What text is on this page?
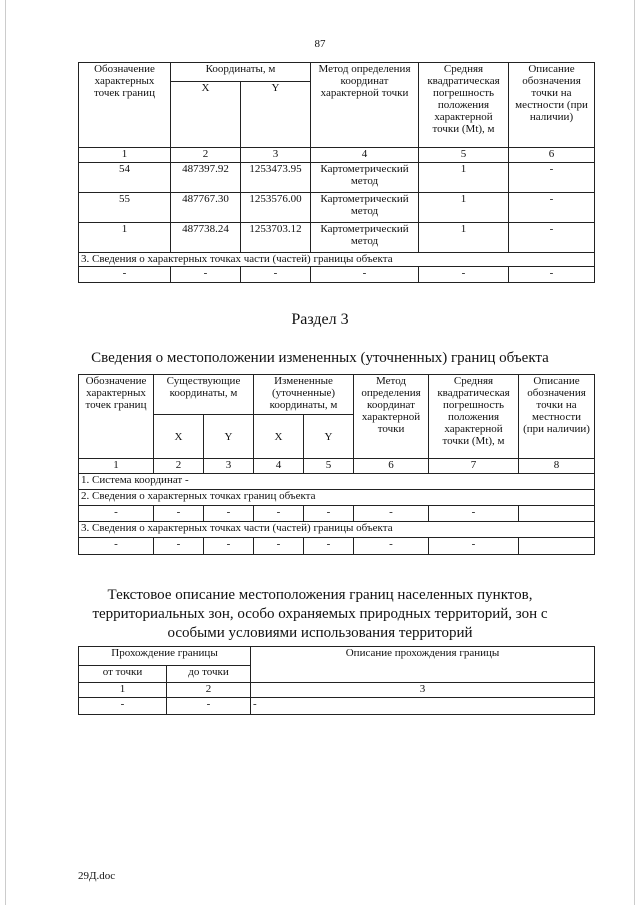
87
Обозначение характерных точек границ	Координаты, м		Метод определения координат характерной точки	Средняя квадратическая погрешность положения характерной точки (Mt), м	Описание обозначения точки на местности (при наличии)
	X	Y			
1	2	3	4	5	6
54	487397.92	1253473.95	Картометрический метод	1	-
55	487767.30	1253576.00	Картометрический метод	1	-
1	487738.24	1253703.12	Картометрический метод	1	-
3. Сведения о характерных точках части (частей) границы объекта					
-	-	-	-	-	-
Раздел 3
Сведения о местоположении измененных (уточненных) границ объекта
Обозначение характерных точек границ	Существующие координаты, м		Измененные (уточненные) координаты, м		Метод определения координат характерной точки	Средняя квадратическая погрешность положения характерной точки (Mt), м	Описание обозначения точки на местности (при наличии)
	X	Y	X	Y			
1	2	3	4	5	6	7	8
1. Система координат -							
2. Сведения о характерных точках границ объекта							
-	-	-	-	-	-	-	
3. Сведения о характерных точках части (частей) границы объекта							
-	-	-	-	-	-	-	
Текстовое описание местоположения границ населенных пунктов, территориальных зон, особо охраняемых природных территорий, зон с особыми условиями использования территорий
Прохождение границы		Описание прохождения границы
от точки	до точки	
1	2	3
-	-	-
29Д.doc
